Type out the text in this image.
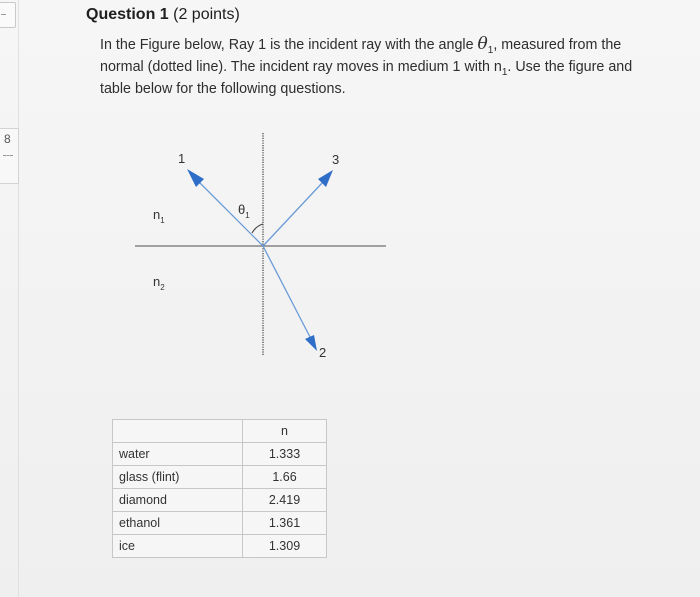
8
Question 1 (2 points)
In the Figure below, Ray 1 is the incident ray with the angle $\theta_1$, measured from the normal (dotted line). The incident ray moves in medium 1 with $n_1$. Use the figure and table below for the following questions.
1	3
2
$n_1$
$n_2$
$\theta_1$
	n
water	1.333
glass (flint)	1.66
diamond	2.419
ethanol	1.361
ice	1.309
